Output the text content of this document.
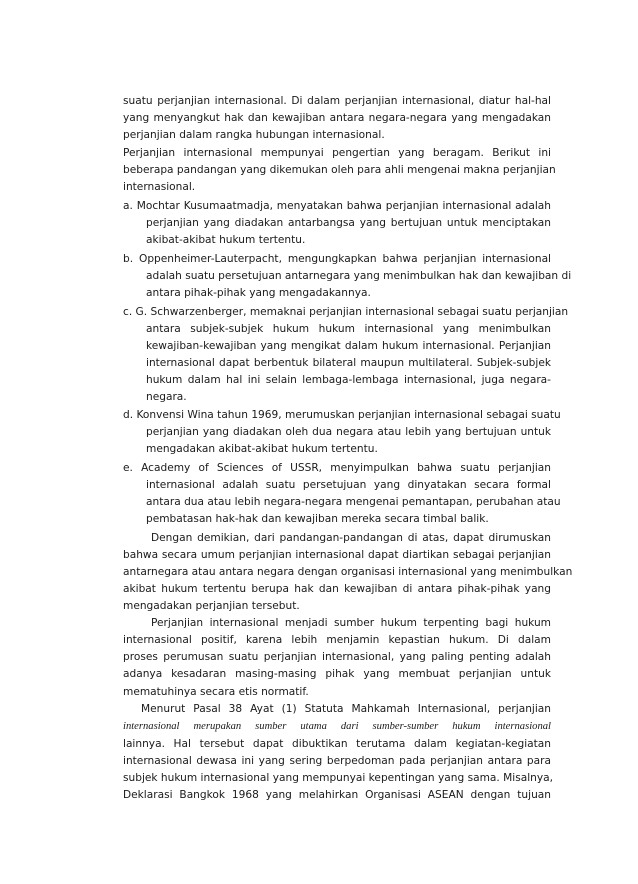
suatu perjanjian internasional. Di dalam perjanjian internasional, diatur hal-hal
yang menyangkut hak dan kewajiban antara negara-negara yang mengadakan
perjanjian dalam rangka hubungan internasional.
Perjanjian internasional mempunyai pengertian yang beragam. Berikut ini
beberapa pandangan yang dikemukan oleh para ahli mengenai makna perjanjian
internasional.
a. Mochtar Kusumaatmadja, menyatakan bahwa perjanjian internasional adalah
perjanjian yang diadakan antarbangsa yang bertujuan untuk menciptakan
akibat-akibat hukum tertentu.
b. Oppenheimer-Lauterpacht, mengungkapkan bahwa perjanjian internasional
adalah suatu persetujuan antarnegara yang menimbulkan hak dan kewajiban di
antara pihak-pihak yang mengadakannya.
c. G. Schwarzenberger, memaknai perjanjian internasional sebagai suatu perjanjian
antara subjek-subjek hukum hukum internasional yang menimbulkan
kewajiban-kewajiban yang mengikat dalam hukum internasional. Perjanjian
internasional dapat berbentuk bilateral maupun multilateral. Subjek-subjek
hukum dalam hal ini selain lembaga-lembaga internasional, juga negara-
negara.
d. Konvensi Wina tahun 1969, merumuskan perjanjian internasional sebagai suatu
perjanjian yang diadakan oleh dua negara atau lebih yang bertujuan untuk
mengadakan akibat-akibat hukum tertentu.
e. Academy of Sciences of USSR, menyimpulkan bahwa suatu perjanjian
internasional adalah suatu persetujuan yang dinyatakan secara formal
antara dua atau lebih negara-negara mengenai pemantapan, perubahan atau
pembatasan hak-hak dan kewajiban mereka secara timbal balik.
Dengan demikian, dari pandangan-pandangan di atas, dapat dirumuskan
bahwa secara umum perjanjian internasional dapat diartikan sebagai perjanjian
antarnegara atau antara negara dengan organisasi internasional yang menimbulkan
akibat hukum tertentu berupa hak dan kewajiban di antara pihak-pihak yang
mengadakan perjanjian tersebut.
Perjanjian internasional menjadi sumber hukum terpenting bagi hukum
internasional positif, karena lebih menjamin kepastian hukum. Di dalam
proses perumusan suatu perjanjian internasional, yang paling penting adalah
adanya kesadaran masing-masing pihak yang membuat perjanjian untuk
mematuhinya secara etis normatif.
Menurut Pasal 38 Ayat (1) Statuta Mahkamah Internasional, perjanjian
internasional merupakan sumber utama dari sumber-sumber hukum internasional
lainnya. Hal tersebut dapat dibuktikan terutama dalam kegiatan-kegiatan
internasional dewasa ini yang sering berpedoman pada perjanjian antara para
subjek hukum internasional yang mempunyai kepentingan yang sama. Misalnya,
Deklarasi Bangkok 1968 yang melahirkan Organisasi ASEAN dengan tujuan
